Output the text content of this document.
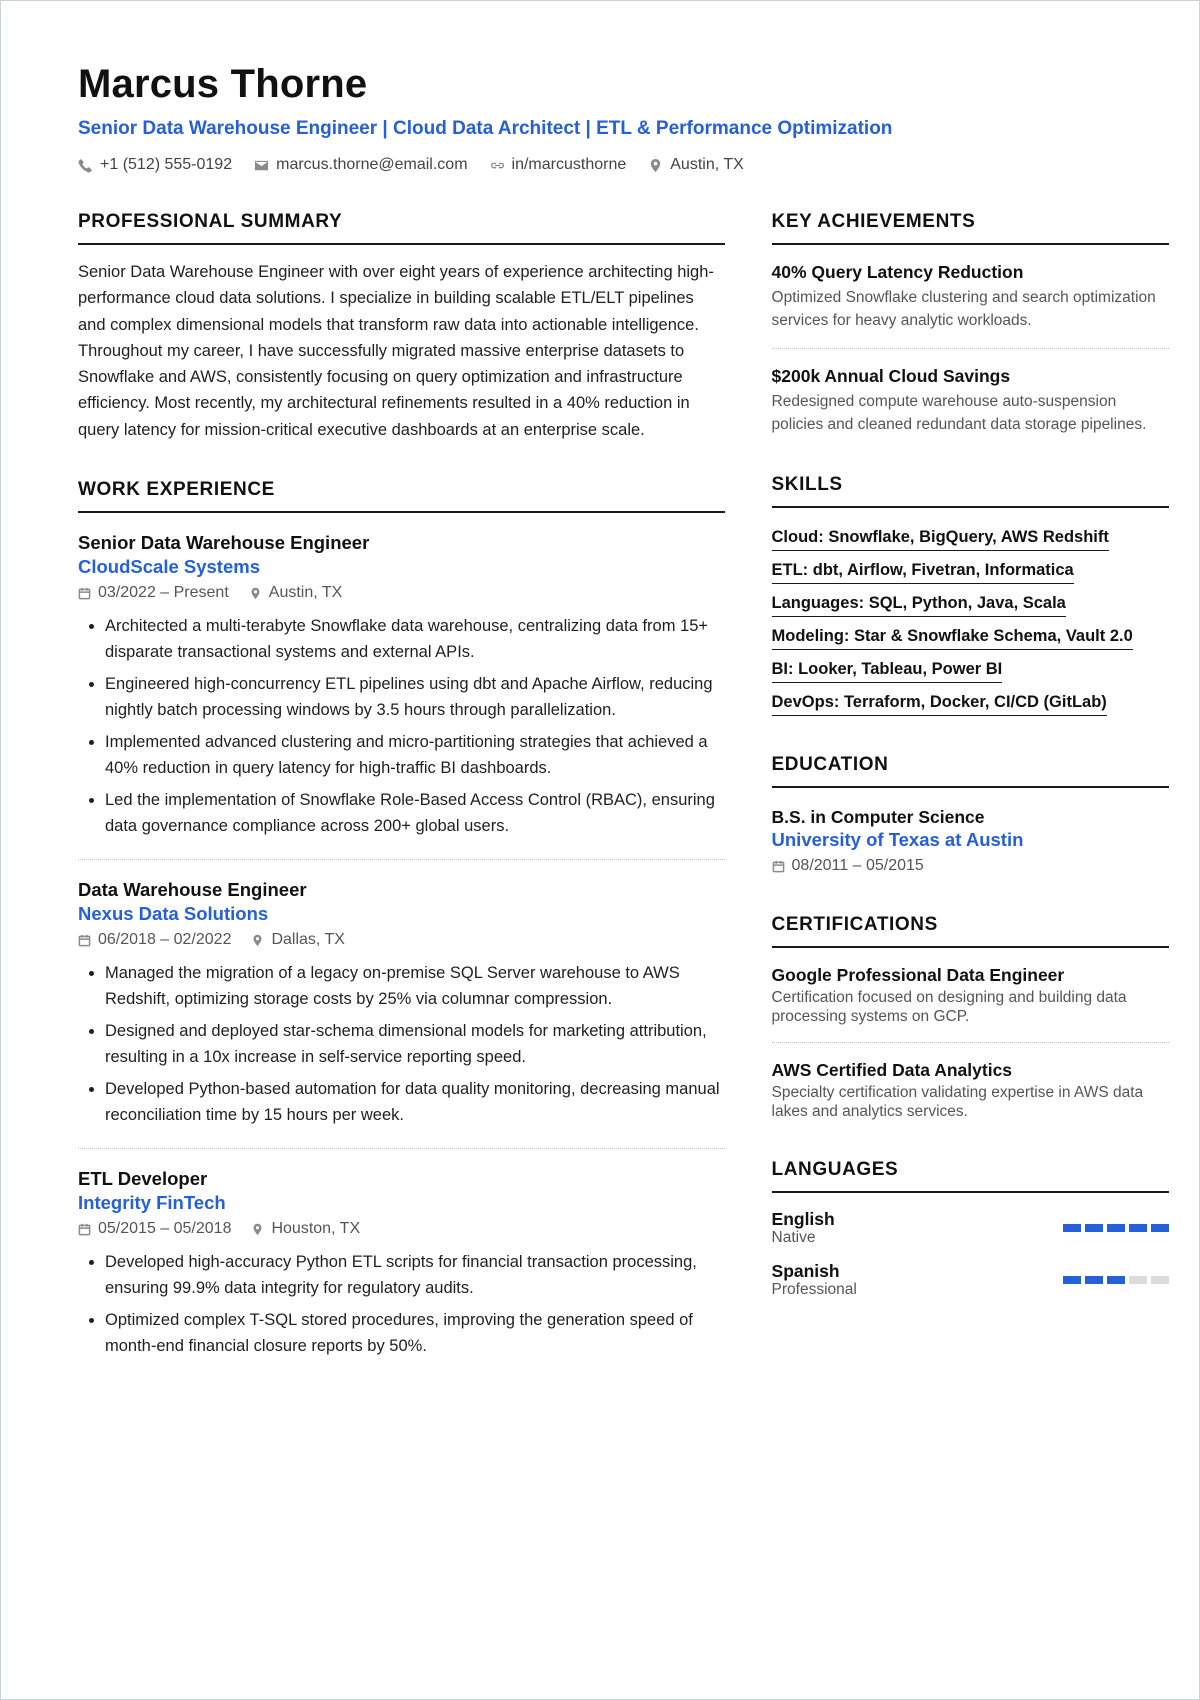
Marcus Thorne
Senior Data Warehouse Engineer | Cloud Data Architect | ETL & Performance Optimization
+1 (512) 555-0192	marcus.thorne@email.com	in/marcusthorne	Austin, TX
PROFESSIONAL SUMMARY

Senior Data Warehouse Engineer with over eight years of experience architecting high-performance cloud data solutions. I specialize in building scalable ETL/ELT pipelines and complex dimensional models that transform raw data into actionable intelligence. Throughout my career, I have successfully migrated massive enterprise datasets to Snowflake and AWS, consistently focusing on query optimization and infrastructure efficiency. Most recently, my architectural refinements resulted in a 40% reduction in query latency for mission-critical executive dashboards at an enterprise scale.

WORK EXPERIENCE
Senior Data Warehouse Engineer
CloudScale Systems
03/2022 – Present	Austin, TX
• Architected a multi-terabyte Snowflake data warehouse, centralizing data from 15+ disparate transactional systems and external APIs.
• Engineered high-concurrency ETL pipelines using dbt and Apache Airflow, reducing nightly batch processing windows by 3.5 hours through parallelization.
• Implemented advanced clustering and micro-partitioning strategies that achieved a 40% reduction in query latency for high-traffic BI dashboards.
• Led the implementation of Snowflake Role-Based Access Control (RBAC), ensuring data governance compliance across 200+ global users.
Data Warehouse Engineer
Nexus Data Solutions
06/2018 – 02/2022	Dallas, TX
• Managed the migration of a legacy on-premise SQL Server warehouse to AWS Redshift, optimizing storage costs by 25% via columnar compression.
• Designed and deployed star-schema dimensional models for marketing attribution, resulting in a 10x increase in self-service reporting speed.
• Developed Python-based automation for data quality monitoring, decreasing manual reconciliation time by 15 hours per week.
ETL Developer
Integrity FinTech
05/2015 – 05/2018	Houston, TX
• Developed high-accuracy Python ETL scripts for financial transaction processing, ensuring 99.9% data integrity for regulatory audits.
• Optimized complex T-SQL stored procedures, improving the generation speed of month-end financial closure reports by 50%.
KEY ACHIEVEMENTS
40% Query Latency Reduction
Optimized Snowflake clustering and search optimization services for heavy analytic workloads.
$200k Annual Cloud Savings
Redesigned compute warehouse auto-suspension policies and cleaned redundant data storage pipelines.
SKILLS
Cloud: Snowflake, BigQuery, AWS Redshift
ETL: dbt, Airflow, Fivetran, Informatica
Languages: SQL, Python, Java, Scala
Modeling: Star & Snowflake Schema, Vault 2.0
BI: Looker, Tableau, Power BI
DevOps: Terraform, Docker, CI/CD (GitLab)
EDUCATION
B.S. in Computer Science
University of Texas at Austin
08/2011 – 05/2015
CERTIFICATIONS
Google Professional Data Engineer
Certification focused on designing and building data processing systems on GCP.
AWS Certified Data Analytics
Specialty certification validating expertise in AWS data lakes and analytics services.
LANGUAGES
English
Native
Spanish
Professional
